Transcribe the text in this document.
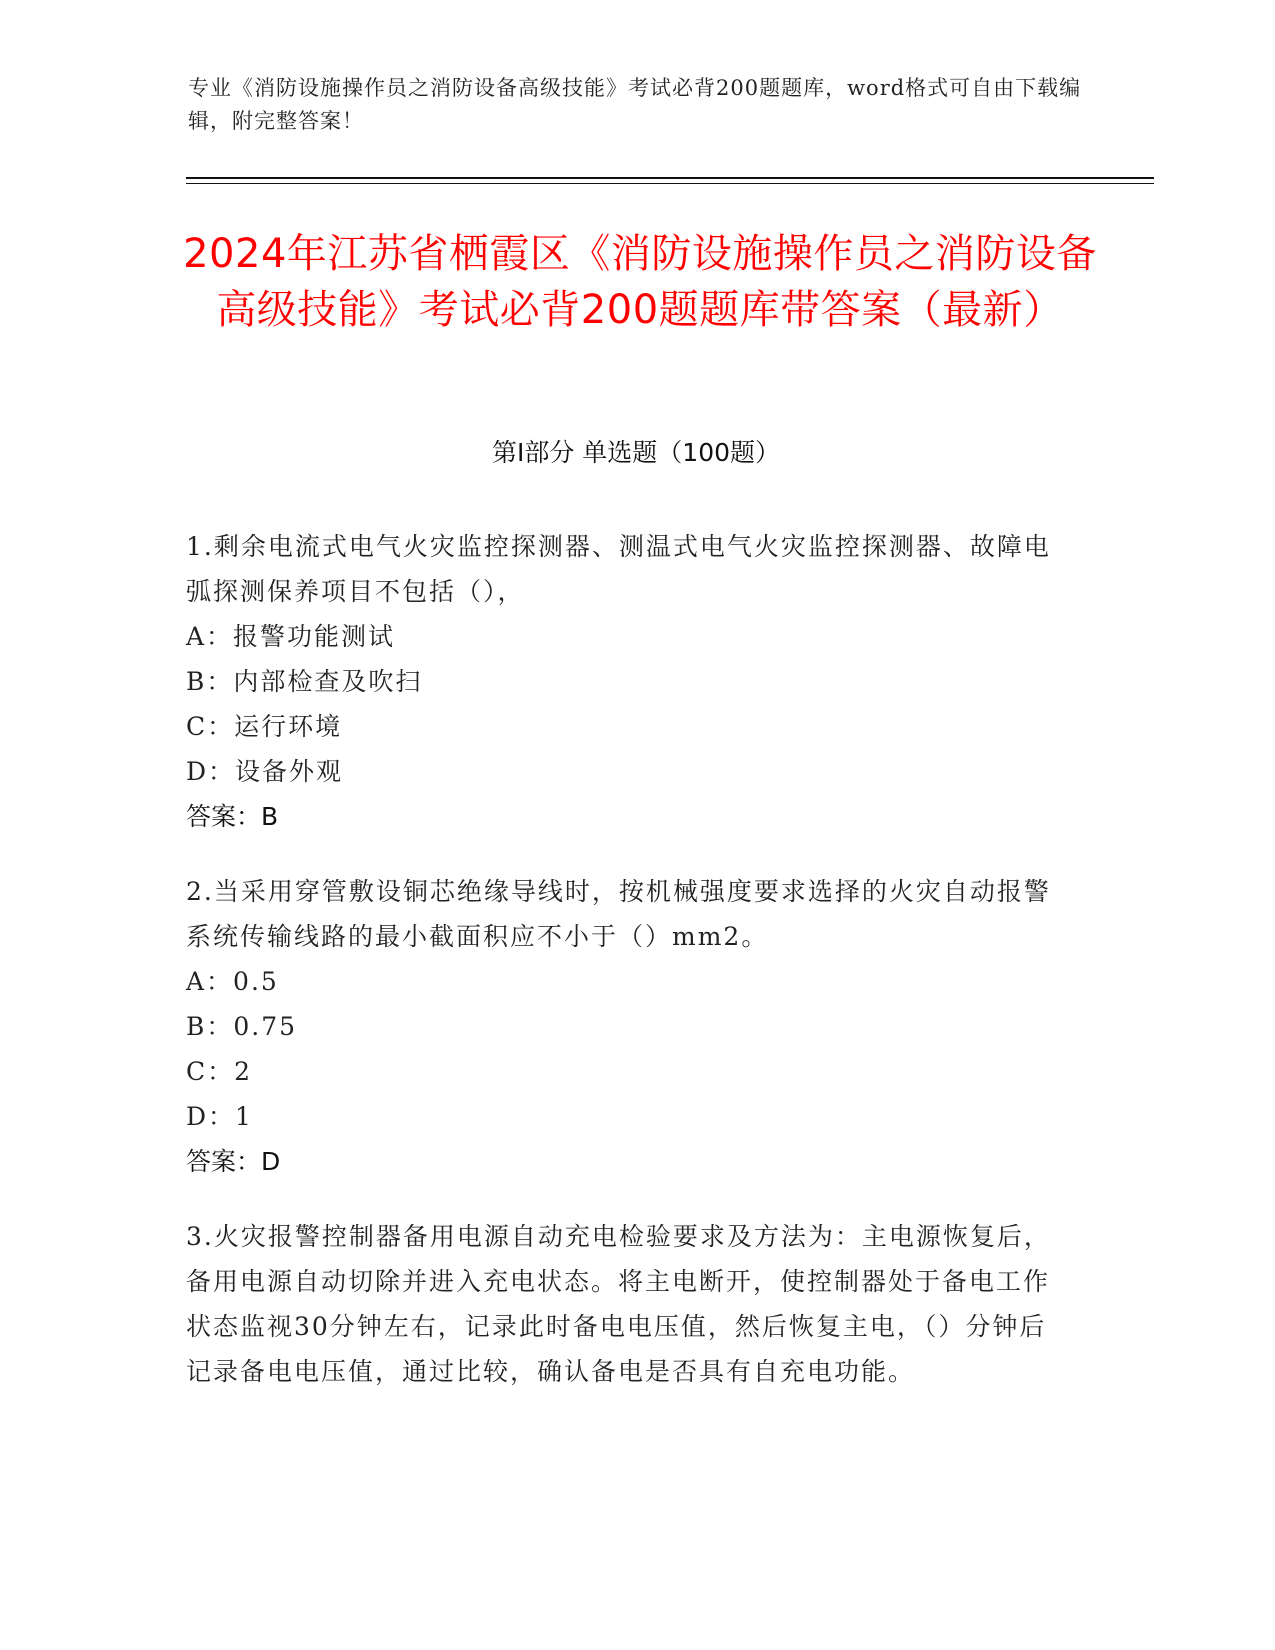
专业《消防设施操作员之消防设备高级技能》考试必背200题题库，word格式可自由下载编辑，附完整答案！
2024年江苏省栖霞区《消防设施操作员之消防设备高级技能》考试必背200题题库带答案（最新）
第I部分 单选题（100题）
1.剩余电流式电气火灾监控探测器、测温式电气火灾监控探测器、故障电弧探测保养项目不包括（），
A：报警功能测试
B：内部检查及吹扫
C：运行环境
D：设备外观
答案：B
2.当采用穿管敷设铜芯绝缘导线时，按机械强度要求选择的火灾自动报警系统传输线路的最小截面积应不小于（）mm2。
A：0.5
B：0.75
C：2
D：1
答案：D
3.火灾报警控制器备用电源自动充电检验要求及方法为：主电源恢复后，备用电源自动切除并进入充电状态。将主电断开，使控制器处于备电工作状态监视30分钟左右，记录此时备电电压值，然后恢复主电，（）分钟后记录备电电压值，通过比较，确认备电是否具有自充电功能。
